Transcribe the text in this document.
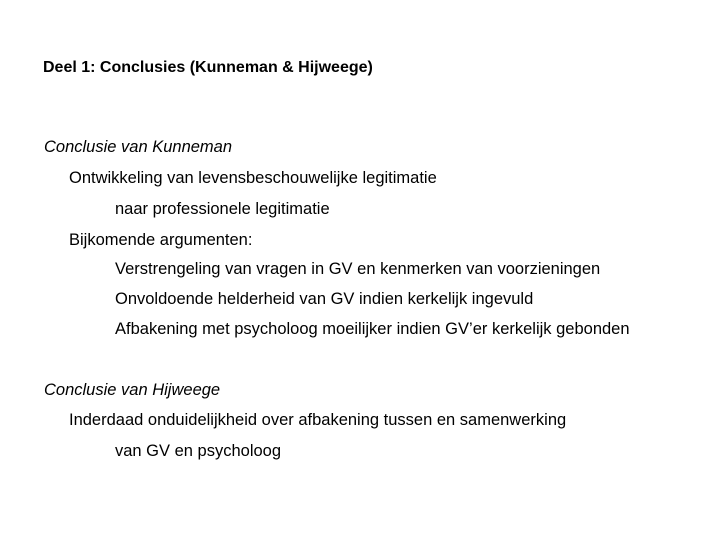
Deel 1: Conclusies (Kunneman & Hijweege)
Conclusie van Kunneman
Ontwikkeling van levensbeschouwelijke legitimatie
naar professionele legitimatie
Bijkomende argumenten:
Verstrengeling van vragen in GV en kenmerken van voorzieningen
Onvoldoende helderheid van GV indien kerkelijk ingevuld
Afbakening met psycholoog moeilijker indien GV’er kerkelijk gebonden
Conclusie van Hijweege
Inderdaad onduidelijkheid over afbakening tussen en samenwerking
van GV en psycholoog
